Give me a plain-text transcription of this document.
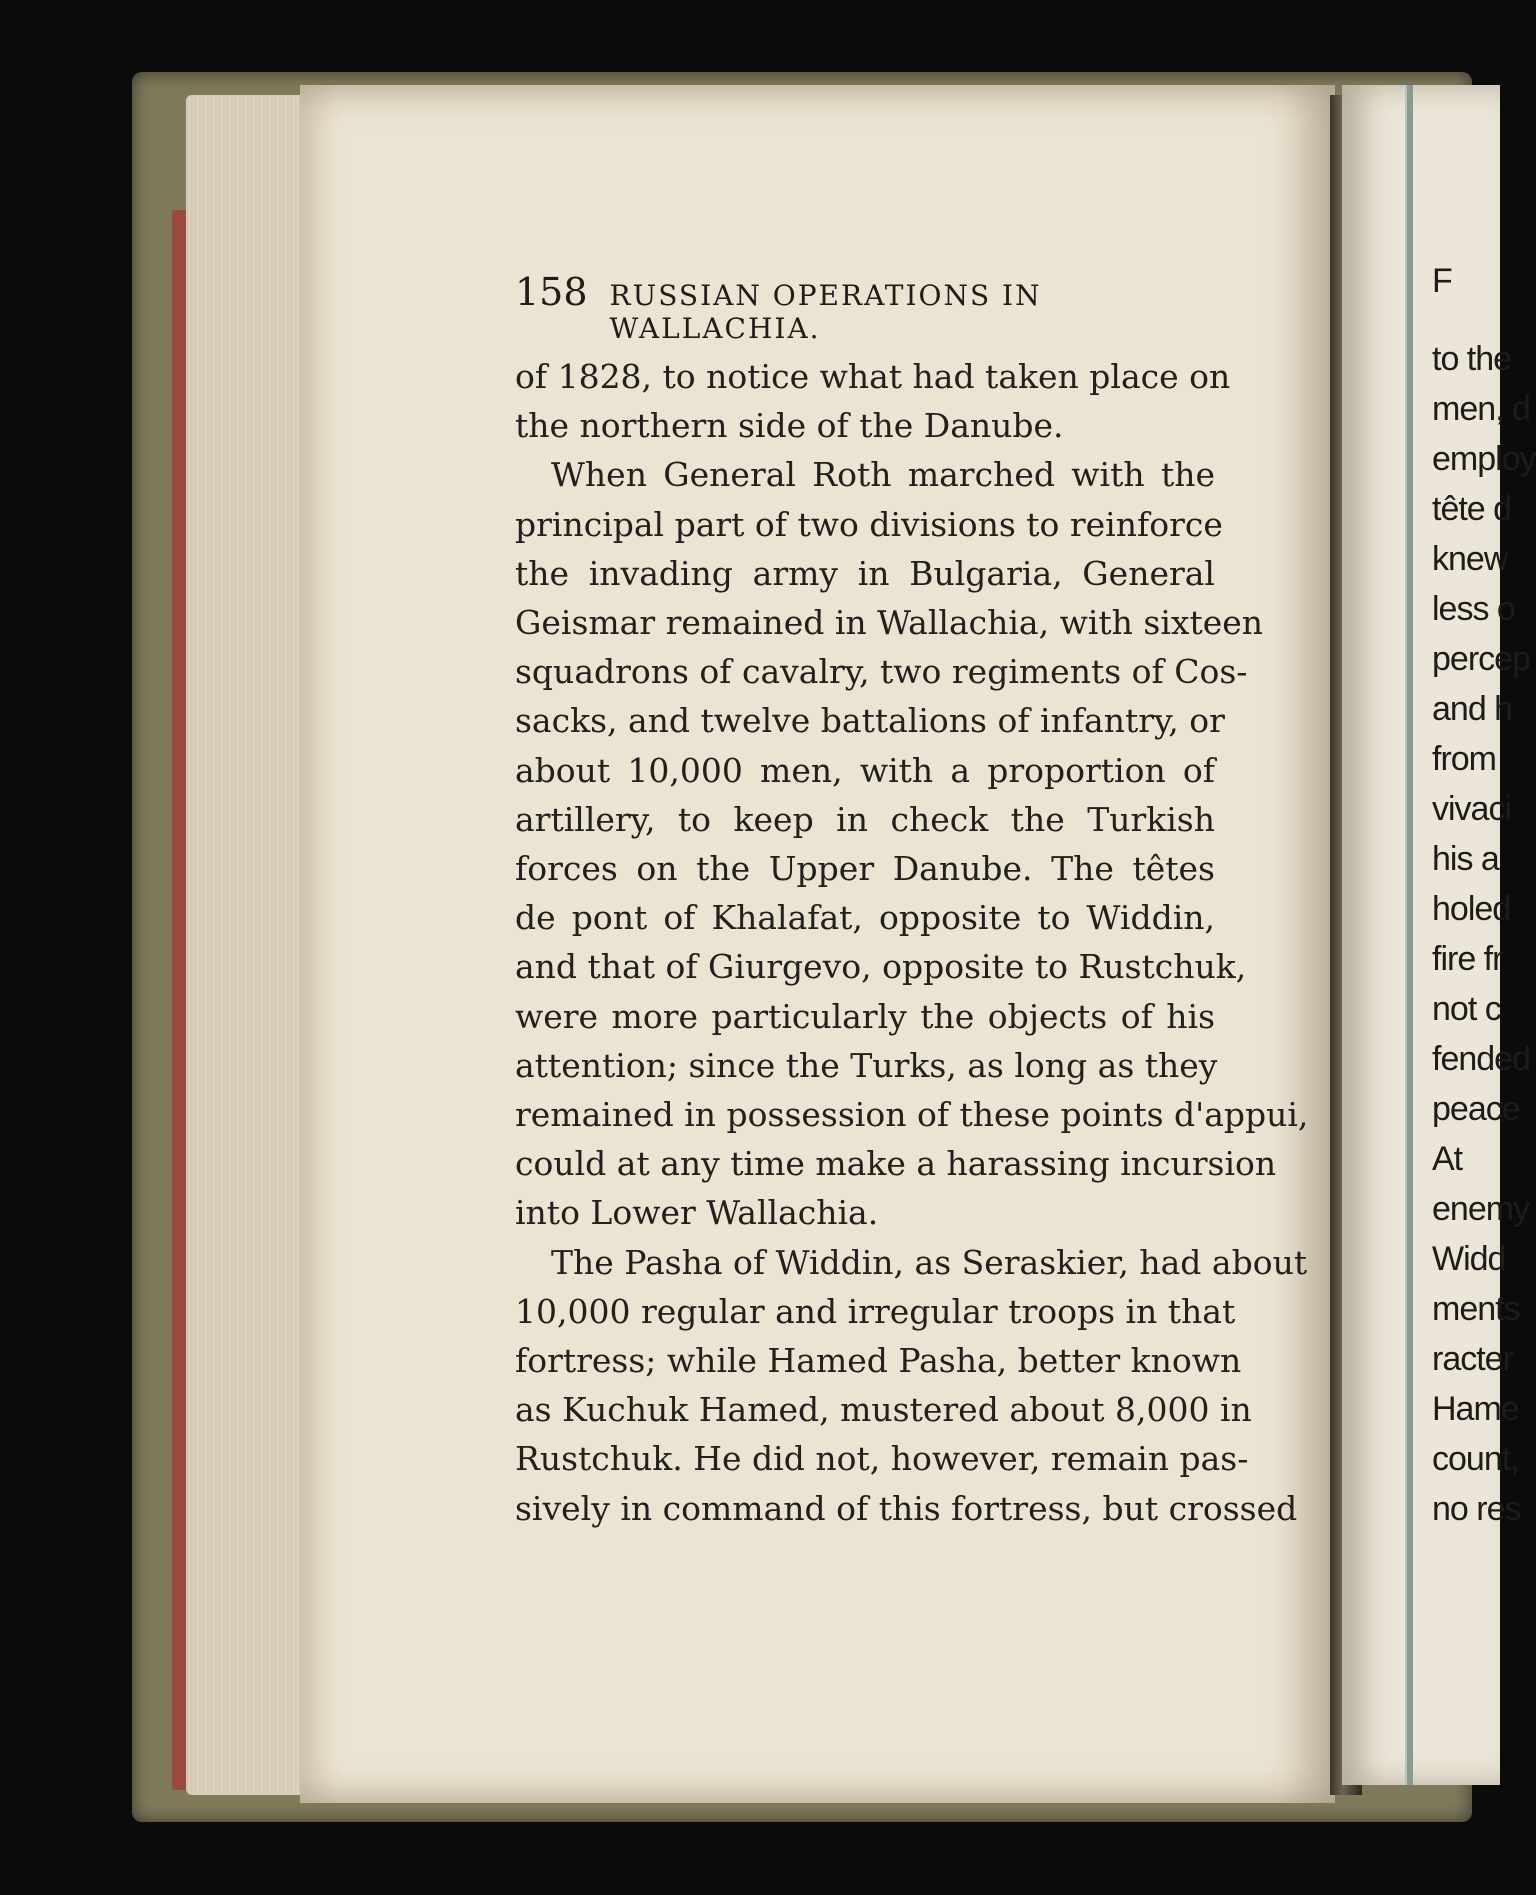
158 RUSSIAN OPERATIONS IN WALLACHIA.
of 1828, to notice what had taken place on
the northern side of the Danube.
When General Roth marched with the
principal part of two divisions to reinforce
the invading army in Bulgaria, General
Geismar remained in Wallachia, with sixteen
squadrons of cavalry, two regiments of Cos-
sacks, and twelve battalions of infantry, or
about 10,000 men, with a proportion of
artillery, to keep in check the Turkish
forces on the Upper Danube. The têtes
de pont of Khalafat, opposite to Widdin,
and that of Giurgevo, opposite to Rustchuk,
were more particularly the objects of his
attention; since the Turks, as long as they
remained in possession of these points d'appui,
could at any time make a harassing incursion
into Lower Wallachia.
The Pasha of Widdin, as Seraskier, had about
10,000 regular and irregular troops in that
fortress; while Hamed Pasha, better known
as Kuchuk Hamed, mustered about 8,000 in
Rustchuk. He did not, however, remain pas-
sively in command of this fortress, but crossed
F
to the
men, d
employ
tête d
knew
less o
percep
and h
from
vivaci
his a
holed
fire fr
not c
fended
peace
At
enemy
Widd
ments
racter
Hame
count,
no res
